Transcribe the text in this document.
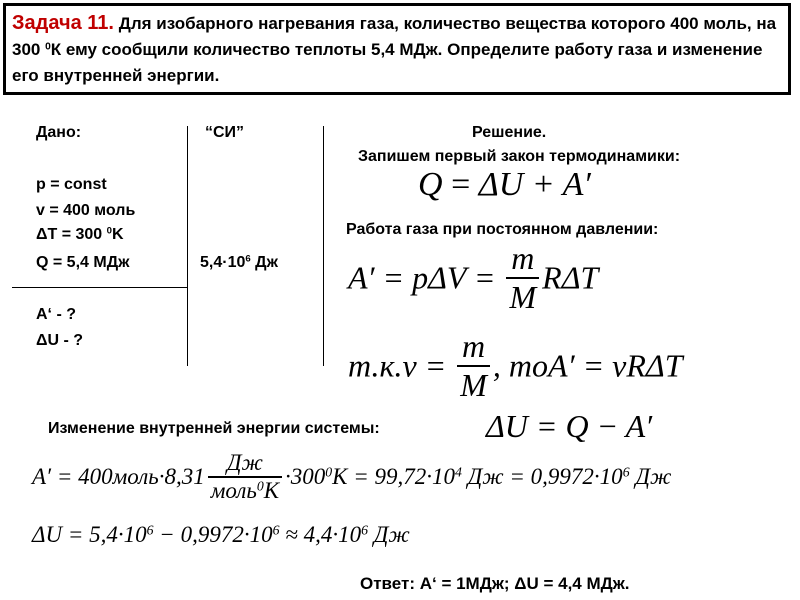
Задача 11. Для изобарного нагревания газа, количество вещества которого 400 моль, на 300 $^0$К ему сообщили количество теплоты 5,4 МДж. Определите работу газа и изменение его внутренней энергии.
Дано:
p = const
v = 400 моль
ΔT = 300 $^0$K
Q = 5,4 МДж
A‘ - ?
ΔU - ?
“СИ”
$5,4\cdot 10^6$ Дж
Решение.
Запишем первый закон термодинамики:
Q = ΔU + A′
Работа газа при постоянном давлении:
$A' = p\Delta V = \frac{m}{M}$ RΔT
$т.к.\nu = \frac{m}{M}$ , тоA′ = νRΔT
Изменение внутренней энергии системы:	ΔU = Q − A′
A′ = 400моль·8,31 $\frac{Дж}{моль^0К} \cdot 300^0К = 99,72\cdot 10^4$ Дж = $0,9972\cdot 10^6$ Дж
$\Delta U = 5,4\cdot 10^6 - 0,9972\cdot 10^6 \approx 4,4\cdot 10^6$ Дж
Ответ: A‘ = 1МДж; ΔU = 4,4 МДж.
